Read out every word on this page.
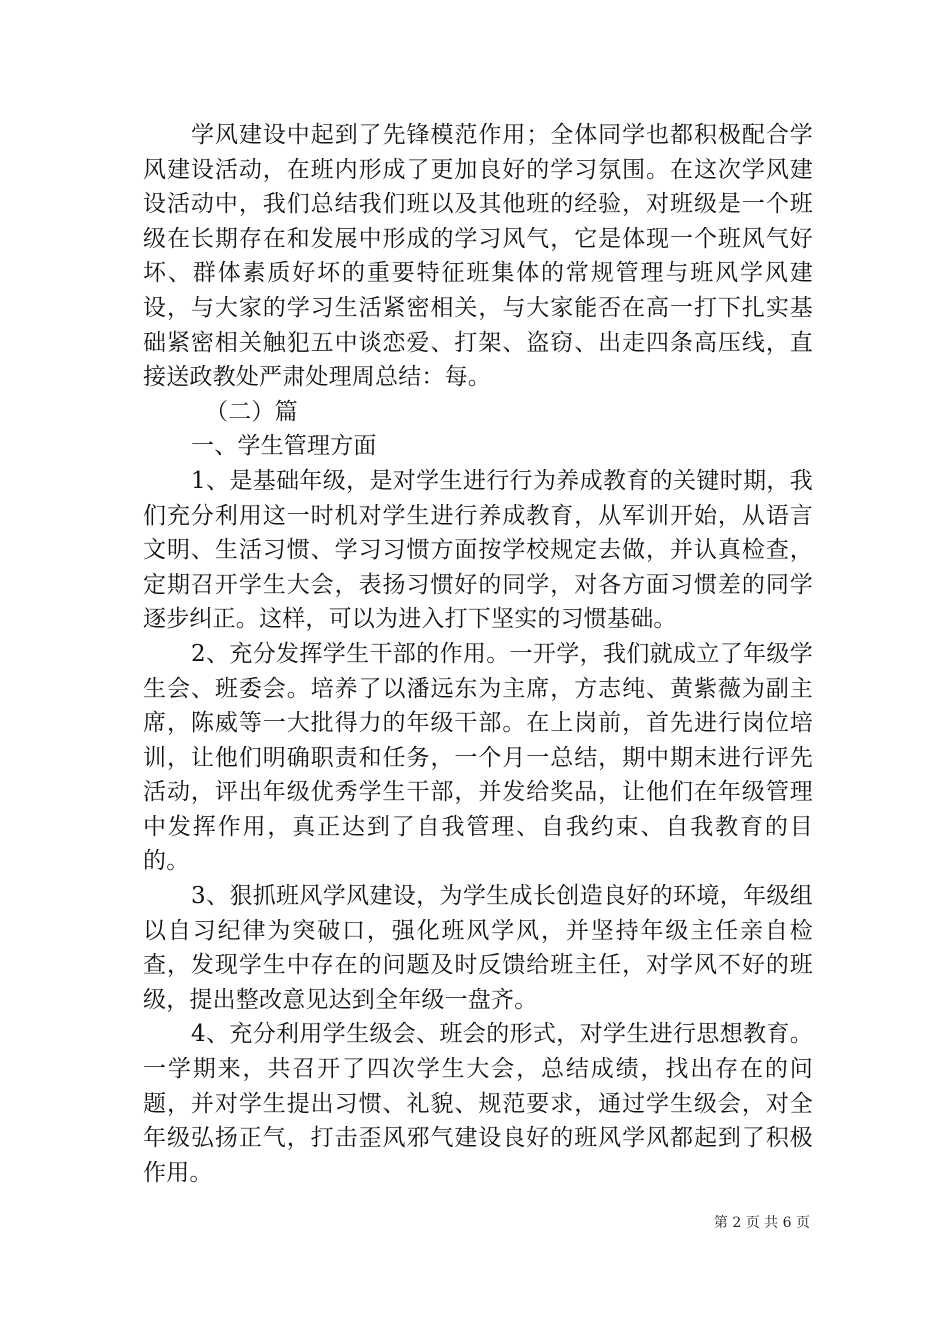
学风建设中起到了先锋模范作用；全体同学也都积极配合学风建设活动，在班内形成了更加良好的学习氛围。在这次学风建设活动中，我们总结我们班以及其他班的经验，对班级是一个班级在长期存在和发展中形成的学习风气，它是体现一个班风气好坏、群体素质好坏的重要特征班集体的常规管理与班风学风建设，与大家的学习生活紧密相关，与大家能否在高一打下扎实基础紧密相关触犯五中谈恋爱、打架、盗窃、出走四条高压线，直接送政教处严肃处理周总结：每。

（二）篇

一、学生管理方面

1、是基础年级，是对学生进行行为养成教育的关键时期，我们充分利用这一时机对学生进行养成教育，从军训开始，从语言文明、生活习惯、学习习惯方面按学校规定去做，并认真检查，定期召开学生大会，表扬习惯好的同学，对各方面习惯差的同学逐步纠正。这样，可以为进入打下坚实的习惯基础。

2、充分发挥学生干部的作用。一开学，我们就成立了年级学生会、班委会。培养了以潘远东为主席，方志纯、黄紫薇为副主席，陈威等一大批得力的年级干部。在上岗前，首先进行岗位培训，让他们明确职责和任务，一个月一总结，期中期末进行评先活动，评出年级优秀学生干部，并发给奖品，让他们在年级管理中发挥作用，真正达到了自我管理、自我约束、自我教育的目的。

3、狠抓班风学风建设，为学生成长创造良好的环境，年级组以自习纪律为突破口，强化班风学风，并坚持年级主任亲自检查，发现学生中存在的问题及时反馈给班主任，对学风不好的班级，提出整改意见达到全年级一盘齐。

4、充分利用学生级会、班会的形式，对学生进行思想教育。一学期来，共召开了四次学生大会，总结成绩，找出存在的问题，并对学生提出习惯、礼貌、规范要求，通过学生级会，对全年级弘扬正气，打击歪风邪气建设良好的班风学风都起到了积极作用。

第 2 页 共 6 页
